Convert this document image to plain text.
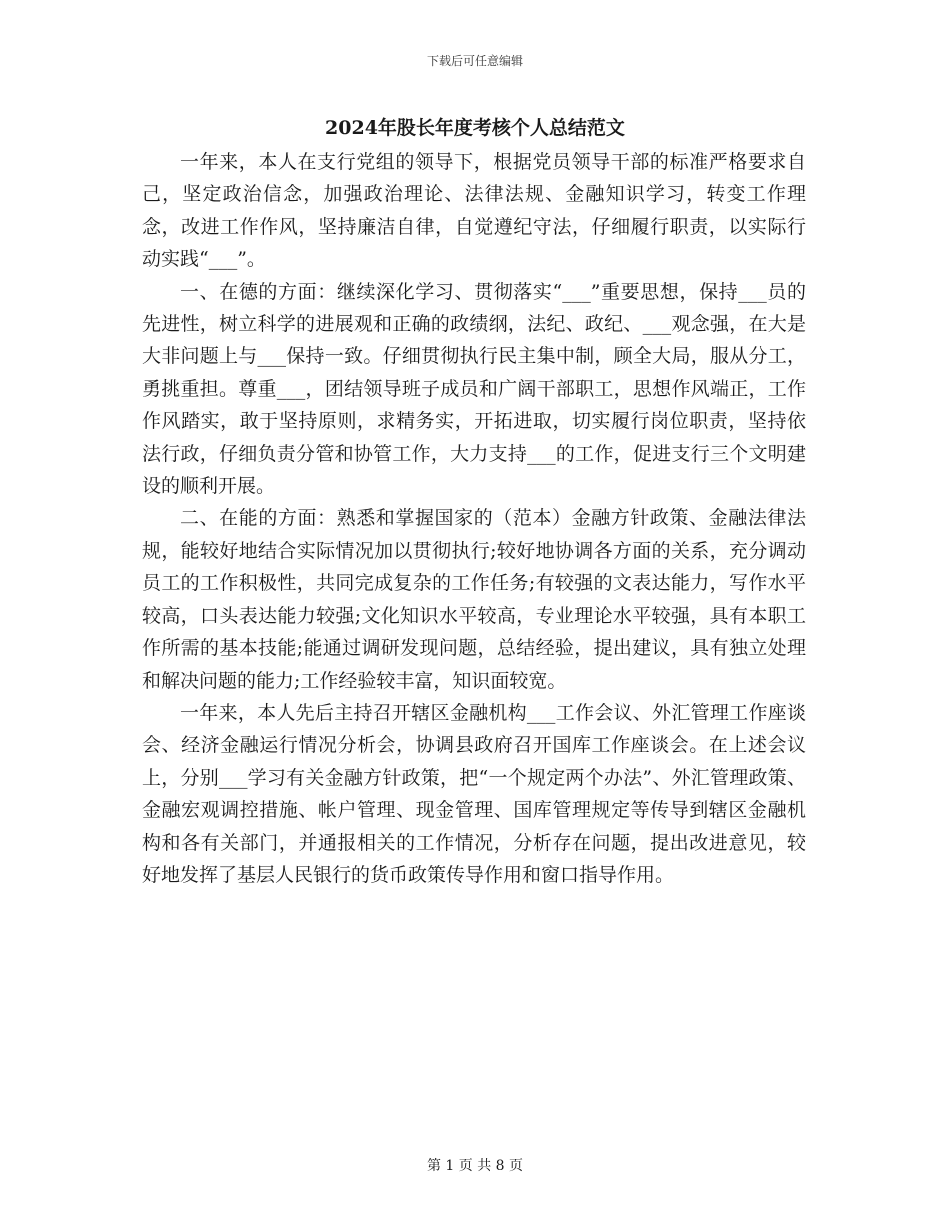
下载后可任意编辑
2024年股长年度考核个人总结范文

一年来，本人在支行党组的领导下，根据党员领导干部的标准严格要求自己，坚定政治信念，加强政治理论、法律法规、金融知识学习，转变工作理念，改进工作作风，坚持廉洁自律，自觉遵纪守法，仔细履行职责，以实际行动实践“___”。

一、在德的方面：继续深化学习、贯彻落实“___”重要思想，保持___员的先进性，树立科学的进展观和正确的政绩纲，法纪、政纪、___观念强，在大是大非问题上与___保持一致。仔细贯彻执行民主集中制，顾全大局，服从分工，勇挑重担。尊重___，团结领导班子成员和广阔干部职工，思想作风端正，工作作风踏实，敢于坚持原则，求精务实，开拓进取，切实履行岗位职责，坚持依法行政，仔细负责分管和协管工作，大力支持___的工作，促进支行三个文明建设的顺利开展。

二、在能的方面：熟悉和掌握国家的（范本）金融方针政策、金融法律法规，能较好地结合实际情况加以贯彻执行;较好地协调各方面的关系，充分调动员工的工作积极性，共同完成复杂的工作任务;有较强的文表达能力，写作水平较高，口头表达能力较强;文化知识水平较高，专业理论水平较强，具有本职工作所需的基本技能;能通过调研发现问题，总结经验，提出建议，具有独立处理和解决问题的能力;工作经验较丰富，知识面较宽。

一年来，本人先后主持召开辖区金融机构___工作会议、外汇管理工作座谈会、经济金融运行情况分析会，协调县政府召开国库工作座谈会。在上述会议上，分别___学习有关金融方针政策，把“一个规定两个办法”、外汇管理政策、金融宏观调控措施、帐户管理、现金管理、国库管理规定等传导到辖区金融机构和各有关部门，并通报相关的工作情况，分析存在问题，提出改进意见，较好地发挥了基层人民银行的货币政策传导作用和窗口指导作用。

第 1 页 共 8 页
